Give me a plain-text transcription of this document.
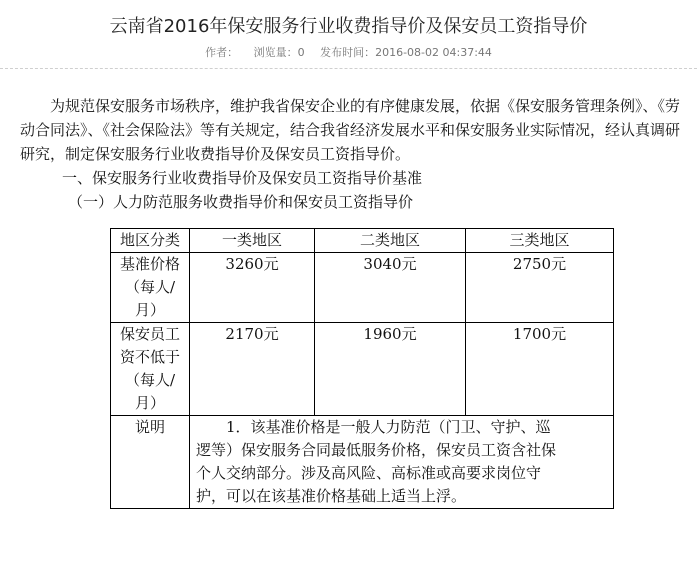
云南省2016年保安服务行业收费指导价及保安员工资指导价
作者： 浏览量：0 发布时间：2016-08-02 04:37:44

为规范保安服务市场秩序，维护我省保安企业的有序健康发展，依据《保安服务管理条例》、《劳动合同法》、《社会保险法》等有关规定，结合我省经济发展水平和保安服务业实际情况，经认真调研研究，制定保安服务行业收费指导价及保安员工资指导价。

一、保安服务行业收费指导价及保安员工资指导价基准

（一）人力防范服务收费指导价和保安员工资指导价

地区分类	一类地区	二类地区	三类地区
基准价格（每人/月）	3260元	3040元	2750元
保安员工资不低于（每人/月）	2170元	1960元	1700元
说明	1．该基准价格是一般人力防范（门卫、守护、巡逻等）保安服务合同最低服务价格，保安员工资含社保个人交纳部分。涉及高风险、高标准或高要求岗位守护，可以在该基准价格基础上适当上浮。		
